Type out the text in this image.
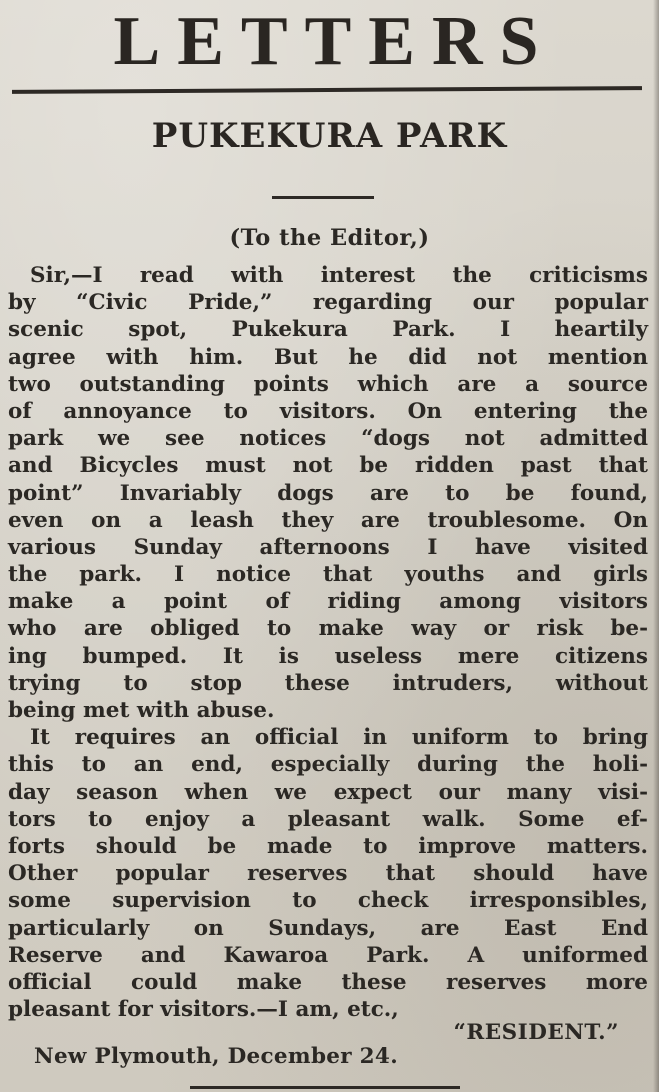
LETTERS
PUKEKURA PARK
(To the Editor,)
Sir,—I read with interest the criticisms
by “Civic Pride,” regarding our popular
scenic spot, Pukekura Park. I heartily
agree with him. But he did not mention
two outstanding points which are a source
of annoyance to visitors. On entering the
park we see notices “dogs not admitted
and Bicycles must not be ridden past that
point” Invariably dogs are to be found,
even on a leash they are troublesome. On
various Sunday afternoons I have visited
the park. I notice that youths and girls
make a point of riding among visitors
who are obliged to make way or risk be-
ing bumped. It is useless mere citizens
trying to stop these intruders, without
being met with abuse.
It requires an official in uniform to bring
this to an end, especially during the holi-
day season when we expect our many visi-
tors to enjoy a pleasant walk. Some ef-
forts should be made to improve matters.
Other popular reserves that should have
some supervision to check irresponsibles,
particularly on Sundays, are East End
Reserve and Kawaroa Park. A uniformed
official could make these reserves more
pleasant for visitors.—I am, etc.,
“RESIDENT.”
New Plymouth, December 24.
